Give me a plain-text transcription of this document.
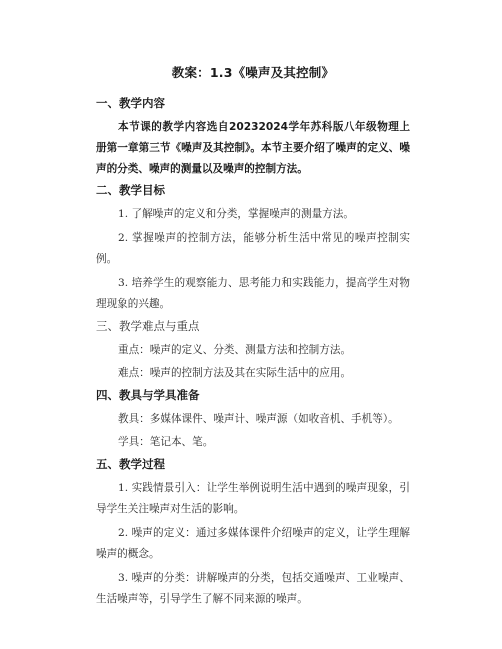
教案：1.3《噪声及其控制》
一、教学内容

本节课的教学内容选自20232024学年苏科版八年级物理上册第一章第三节《噪声及其控制》。本节主要介绍了噪声的定义、噪声的分类、噪声的测量以及噪声的控制方法。

二、教学目标

1. 了解噪声的定义和分类，掌握噪声的测量方法。

2. 掌握噪声的控制方法，能够分析生活中常见的噪声控制实例。

3. 培养学生的观察能力、思考能力和实践能力，提高学生对物理现象的兴趣。

三、教学难点与重点

重点：噪声的定义、分类、测量方法和控制方法。

难点：噪声的控制方法及其在实际生活中的应用。

四、教具与学具准备

教具：多媒体课件、噪声计、噪声源（如收音机、手机等）。

学具：笔记本、笔。

五、教学过程

1. 实践情景引入：让学生举例说明生活中遇到的噪声现象，引导学生关注噪声对生活的影响。

2. 噪声的定义：通过多媒体课件介绍噪声的定义，让学生理解噪声的概念。

3. 噪声的分类：讲解噪声的分类，包括交通噪声、工业噪声、生活噪声等，引导学生了解不同来源的噪声。
